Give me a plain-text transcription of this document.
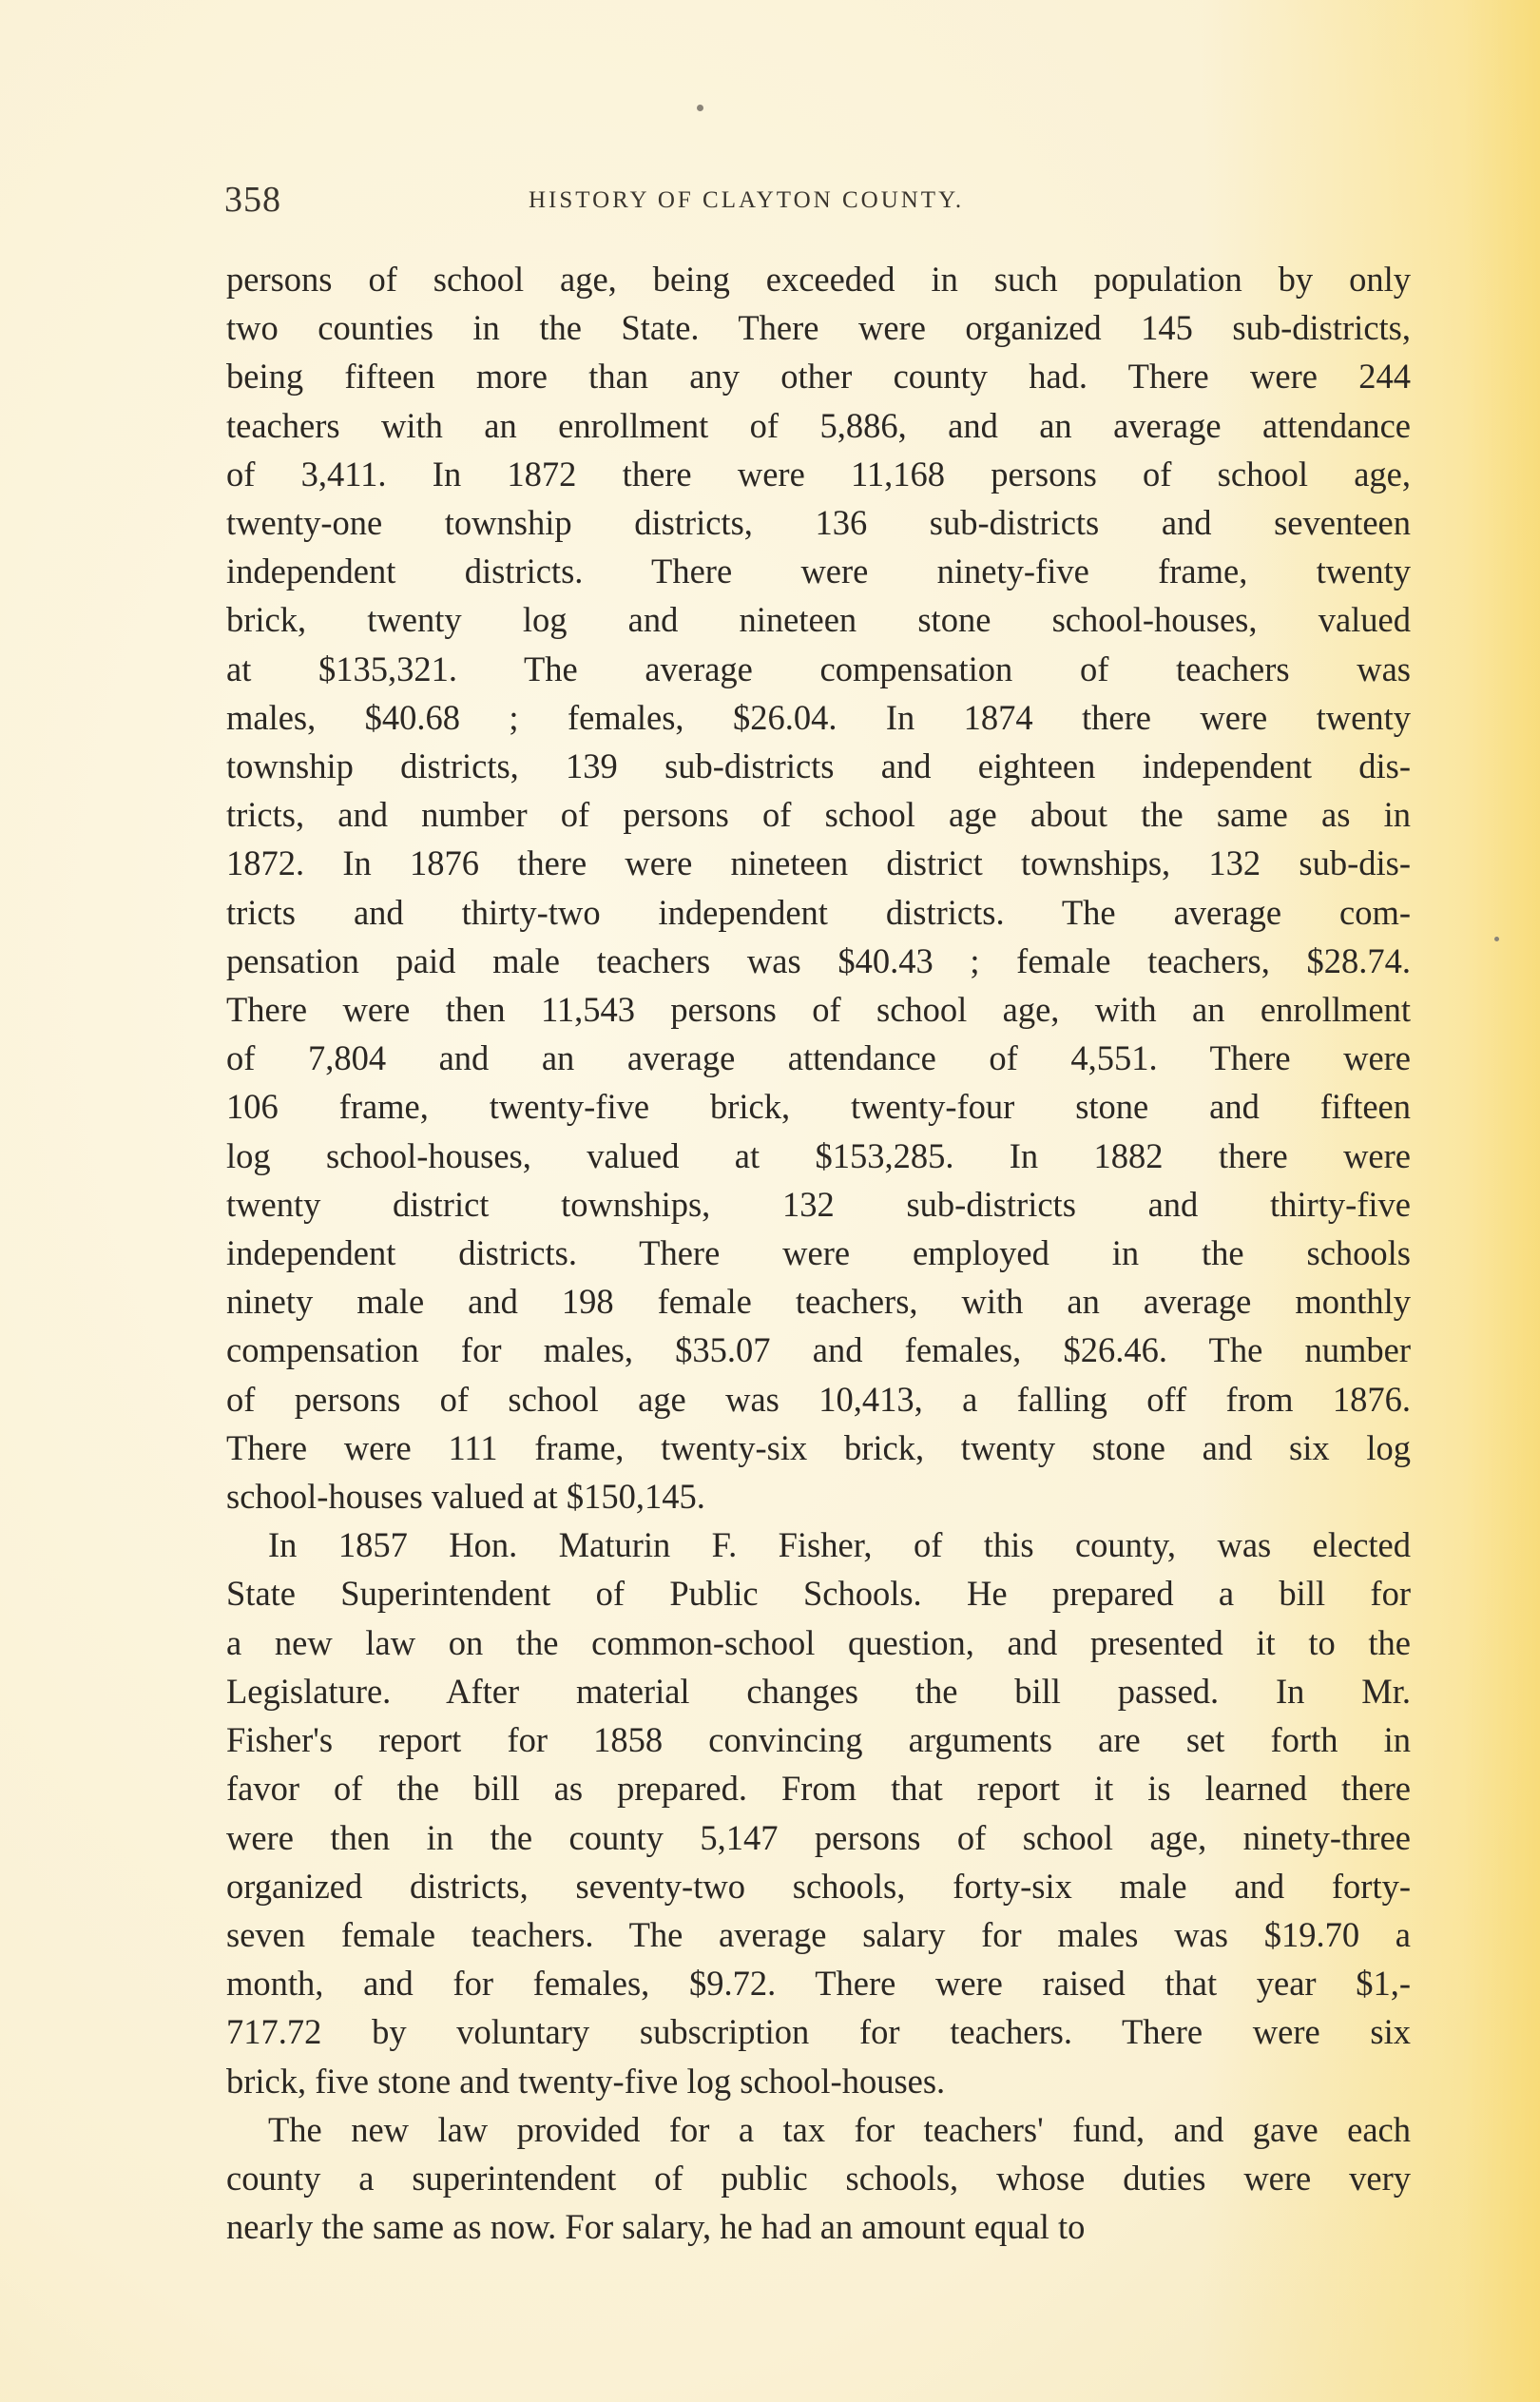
358	HISTORY OF CLAYTON COUNTY.

persons of school age, being exceeded in such population by only
two counties in the State. There were organized 145 sub-districts,
being fifteen more than any other county had. There were 244
teachers with an enrollment of 5,886, and an average attendance
of 3,411. In 1872 there were 11,168 persons of school age,
twenty-one township districts, 136 sub-districts and seventeen
independent districts. There were ninety-five frame, twenty
brick, twenty log and nineteen stone school-houses, valued
at $135,321. The average compensation of teachers was
males, $40.68 ; females, $26.04. In 1874 there were twenty
township districts, 139 sub-districts and eighteen independent dis-
tricts, and number of persons of school age about the same as in
1872. In 1876 there were nineteen district townships, 132 sub-dis-
tricts and thirty-two independent districts. The average com-
pensation paid male teachers was $40.43 ; female teachers, $28.74.
There were then 11,543 persons of school age, with an enrollment
of 7,804 and an average attendance of 4,551. There were
106 frame, twenty-five brick, twenty-four stone and fifteen
log school-houses, valued at $153,285. In 1882 there were
twenty district townships, 132 sub-districts and thirty-five
independent districts. There were employed in the schools
ninety male and 198 female teachers, with an average monthly
compensation for males, $35.07 and females, $26.46. The number
of persons of school age was 10,413, a falling off from 1876.
There were 111 frame, twenty-six brick, twenty stone and six log
school-houses valued at $150,145.

In 1857 Hon. Maturin F. Fisher, of this county, was elected
State Superintendent of Public Schools. He prepared a bill for
a new law on the common-school question, and presented it to the
Legislature. After material changes the bill passed. In Mr.
Fisher's report for 1858 convincing arguments are set forth in
favor of the bill as prepared. From that report it is learned there
were then in the county 5,147 persons of school age, ninety-three
organized districts, seventy-two schools, forty-six male and forty-
seven female teachers. The average salary for males was $19.70 a
month, and for females, $9.72. There were raised that year $1,-
717.72 by voluntary subscription for teachers. There were six
brick, five stone and twenty-five log school-houses.

The new law provided for a tax for teachers' fund, and gave each
county a superintendent of public schools, whose duties were very
nearly the same as now. For salary, he had an amount equal to
